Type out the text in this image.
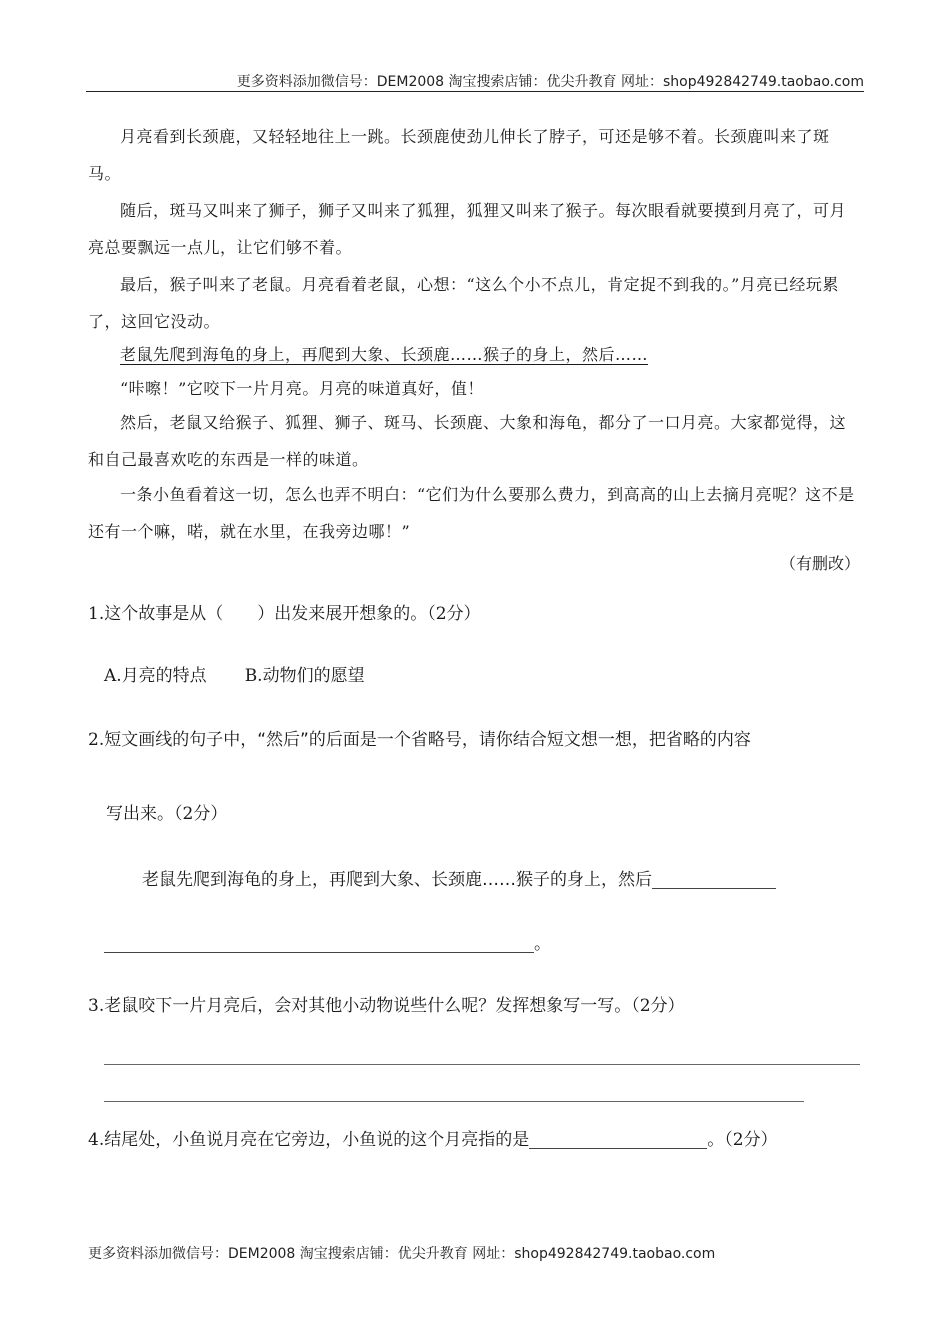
更多资料添加微信号：DEM2008 淘宝搜索店铺：优尖升教育 网址：shop492842749.taobao.com

月亮看到长颈鹿，又轻轻地往上一跳。长颈鹿使劲儿伸长了脖子，可还是够不着。长颈鹿叫来了斑马。

随后，斑马又叫来了狮子，狮子又叫来了狐狸，狐狸又叫来了猴子。每次眼看就要摸到月亮了，可月亮总要飘远一点儿，让它们够不着。

最后，猴子叫来了老鼠。月亮看着老鼠，心想：“这么个小不点儿，肯定捉不到我的。”月亮已经玩累了，这回它没动。

老鼠先爬到海龟的身上，再爬到大象、长颈鹿……猴子的身上，然后……

“咔嚓！”它咬下一片月亮。月亮的味道真好，值！

然后，老鼠又给猴子、狐狸、狮子、斑马、长颈鹿、大象和海龟，都分了一口月亮。大家都觉得，这和自己最喜欢吃的东西是一样的味道。

一条小鱼看着这一切，怎么也弄不明白：“它们为什么要那么费力，到高高的山上去摘月亮呢？这不是还有一个嘛，喏，就在水里，在我旁边哪！”

（有删改）
1.这个故事是从（　　）出发来展开想象的。（2分）
A.月亮的特点 B.动物们的愿望
2.短文画线的句子中，“然后”的后面是一个省略号，请你结合短文想一想，把省略的内容
写出来。（2分）
老鼠先爬到海龟的身上，再爬到大象、长颈鹿……猴子的身上，然后
。
3.老鼠咬下一片月亮后，会对其他小动物说些什么呢？发挥想象写一写。（2分）
4.结尾处，小鱼说月亮在它旁边，小鱼说的这个月亮指的是	。（2分）
更多资料添加微信号：DEM2008 淘宝搜索店铺：优尖升教育 网址：shop492842749.taobao.com
